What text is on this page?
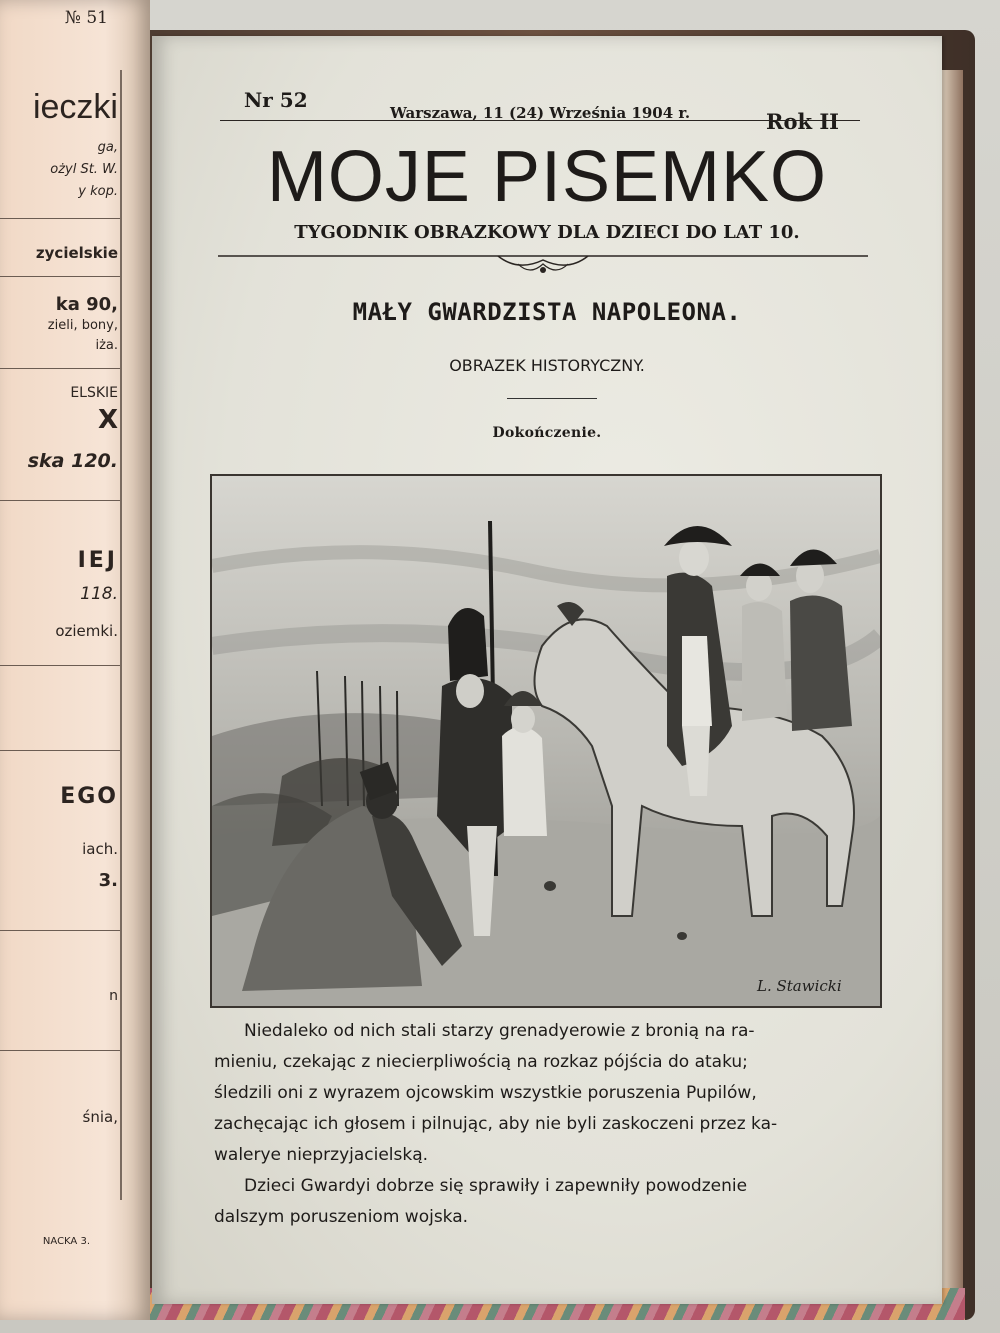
№ 51
ieczki
ga,
ożyl St. W.
y kop.
zycielskie
ka 90,
zieli, bony,
iża.
ELSKIE
X
ska 120.
IEJ
118.
oziemki.
EGO
iach.
3.
n
śnia,
NACKA 3.
Nr 52
Warszawa, 11 (24) Września 1904 r.	Rok II
MOJE PISEMKO
TYGODNIK OBRAZKOWY DLA DZIECI DO LAT 10.
MAŁY GWARDZISTA NAPOLEONA.
OBRAZEK HISTORYCZNY.
Dokończenie.
L. Stawicki
Niedaleko od nich stali starzy grenadyerowie z bronią na ra-
mieniu, czekając z niecierpliwością na rozkaz pójścia do ataku;
śledzili oni z wyrazem ojcowskim wszystkie poruszenia Pupilów,
zachęcając ich głosem i pilnując, aby nie byli zaskoczeni przez ka-
walerye nieprzyjacielską.
Dzieci Gwardyi dobrze się sprawiły i zapewniły powodzenie
dalszym poruszeniom wojska.
